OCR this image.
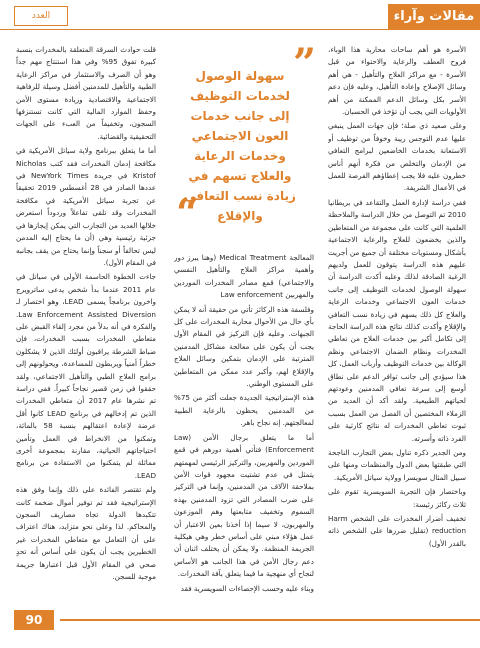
مقالات وآراء
العدد

الأسرة هو أهم ساحات محاربة هذا الوباء، فروح العطف والرعاية والاحتواء من قبل الأسرة - مع مراكز العلاج والتأهيل - هي أهم وسائل الإصلاح وإعادة التأهيل، وعليه فإن دعم الأسر بكل وسائل الدعم الممكنة من أهم الأولويات التي يجب أن تؤخذ في الحسبان.

وعلى صعيد ذي صلة؛ فإن جهات العمل ينبغي عليها عدم التوجس ريبة وخوفاً من توظيف أو الاستعانة بخدمات الخاضعين لبرامج التعافي من الإدمان والتخلص من فكرة أنهم أناس خطرون عليه فلا يجب إعطاؤهم الفرصة للعمل في الأعمال الشريفة.

ففي دراسة لإدارة العمل والتقاعد في بريطانيا 2010 تم التوصل من خلال الدراسة والملاحظة العلمية التي كانت على مجموعة من المتعاطين والذين يخضعون للعلاج والرعاية الاجتماعية بأشكال ومستويات مختلفة أن جميع من أجريت عليهم هذه الدراسة يتوقون للعمل ولديهم الرغبة الصادقة لذلك وعليه أكدت الدراسة أن سهولة الوصول لخدمات التوظيف إلى جانب خدمات العون الاجتماعي وخدمات الرعاية والعلاج كل ذلك يسهم في زيادة نسب التعافي والإقلاع وأكدت كذلك نتائج هذه الدراسة الحاجة إلى تكامل أكبر بين خدمات العلاج من تعاطي المخدرات ونظام الضمان الاجتماعي ونظم الوكالة بين خدمات التوظيف وأرباب العمل، كل هذا سيؤدي إلى جانب توافر الدعم على نطاق أوسع إلى سرعة تعافي المدمنين وعودتهم لحياتهم الطبيعية. ولقد أكد أن العديد من الزملاء المختصين أن الفصل من العمل بسبب ثبوت تعاطي المخدرات له نتائج كارثية على الفرد ذاته وأسرته.

ومن الجدير ذكره تناول بعض التجارب الناجحة التي طبقتها بعض الدول والمنظمات ومنها على سبيل المثال سويسرا وولاية سياتل الأمريكية.

وباختصار فإن التجربة السويسرية تقوم على ثلاث ركائز رئيسة:

تخفيف أضرار المخدرات على الشخص Harm reduction (تقليل ضررها على الشخص ذاته بالقدر الأول)

”
سهولة الوصول لخدمات التوظيف إلى جانب خدمات العون الاجتماعي وخدمات الرعاية والعلاج تسهم في زيادة نسب التعافي والإقلاع
“

المعالجة Medical Treatment (وهنا يبرز دور وأهمية مراكز العلاج والتأهيل النفسي والاجتماعي) قمع مصادر المخدرات الموردين والمهربين Law enforcement

وفلسفة هذه الركائز تأتي من حقيقة أنه لا يمكن بأي حال من الأحوال محاربة المخدرات على كل الجبهات. وعليه فإن التركيز في المقام الأول يجب أن يكون على معالجة مشاكل المدمنين المترتبة على الإدمان بتمكين وسائل العلاج والإقلاع لهم، وأكبر عدد ممكن من المتعاطين على المستوى الوطني.

هذه الإستراتيجية الجديدة جعلت أكثر من 75% من المدمنين يحظون بالرعاية الطبية لمعالجتهم. إنه نجاح باهر.

أما ما يتعلق برجال الأمن (Law Enforcement) فتأتي أهمية دورهم في قمع الموردين والمهربين، والتركيز الرئيسي لمهمتهم يتمثل في عدم تشتيت مجهود قوات الأمن بملاحقة الآلاف من المدمنين، وإنما في التركيز على ضرب المصادر التي تزود المدمنين بهذه السموم وتخفيف متابعتها وهم الموزعون والمهربون، لا سيما إذا أخذنا بعين الاعتبار أن عمل هؤلاء مبني على أساس خطر وهي هيكلية الجريمة المنظمة. ولا يمكن أن يختلف اثنان أن دعم رجال الأمن في هذا الجانب هو الأساس لنجاح أي منهجية ما فيما يتعلق بآفة المخدرات.

وبناء عليه وحسب الإحصاءات السويسرية فقد

قلت حوادث السرقة المتعلقة بالمخدرات بنسبة كبيرة تفوق 95% وفي هذا استنتاج مهم جداً وهو أن الصرف والاستثمار في مراكز الرعاية الطبية والتأهيل للمدمنين أفضل وسيلة للرفاهية الاجتماعية والاقتصادية وزيادة مستوى الأمن وحفظ الموارد المالية التي كانت تستنزفها السجون، وتخفيفاً من العبء على الجهات التحقيقية والقضائية.

أما ما يتعلق ببرنامج ولاية سياتل الأمريكية في مكافحة إدمان المخدرات فقد كتب Nicholas Kristof في جريدة NewYork Times في عددها الصادر في 28 أغسطس 2019 تحقيقاً عن تجربة سياتل الأمريكية في مكافحة المخدرات وقد تلقى تفاعلاً وردوداً استعرض خلالها العديد من التجارب التي يمكن إيجازها في جزئية رئيسية وهي (أن ما يحتاج إليه المدمن ليس تحالفاً أو سجناً وإنما يحتاج من يقف بجانبه في المقام الأول).

جاءت الخطوة الحاسمة الأولى في سياتل في عام 2011 عندما بدأ شخص يدعى ساترويرج واخرون برنامجاً يسمى LEAD، وهو اختصار لـ Law Enforcement Assisted Diversion. والفكرة في أنه بدلاً من مجرد إلقاء القبض على متعاطي المخدرات بسبب المخدرات، فإن ضباط الشرطة يراقبون أولئك الذين لا يشكلون خطراً أمنياً ويربطون للمساعدة، ويحولونهم إلى برامج العلاج الطبي والتأهيل الاجتماعي، ولقد حققوا في زمن قصير نجاحاً كبيراً. ففي دراسة تم نشرها عام 2017 أن متعاطي المخدرات الذين تم إدخالهم في برنامج LEAD كانوا أقل عرضة لإعادة اعتقالهم بنسبة 58 بالمائة، وتمكنوا من الانخراط في العمل وتأمين احتياجاتهم الحياتية، مقارنة بمجموعة أخرى مماثلة لم يتمكنوا من الاستفادة من برنامج LEAD.

ولم تقتصر الفائدة على ذلك وإنما وفق هذه الإستراتيجية فقد تم توفير أموال ضخمة كانت تتكبدها الدولة تجاه مصاريف السجون والمحاكم. لذا وعلى نحو متزايد، هناك اعتراف على أن التعامل مع متعاطي المخدرات غير الخطيرين يجب أن يكون على أساس أنه تحدٍ صحي في المقام الأول قبل اعتبارها جريمة موجبة للسجن.

90
